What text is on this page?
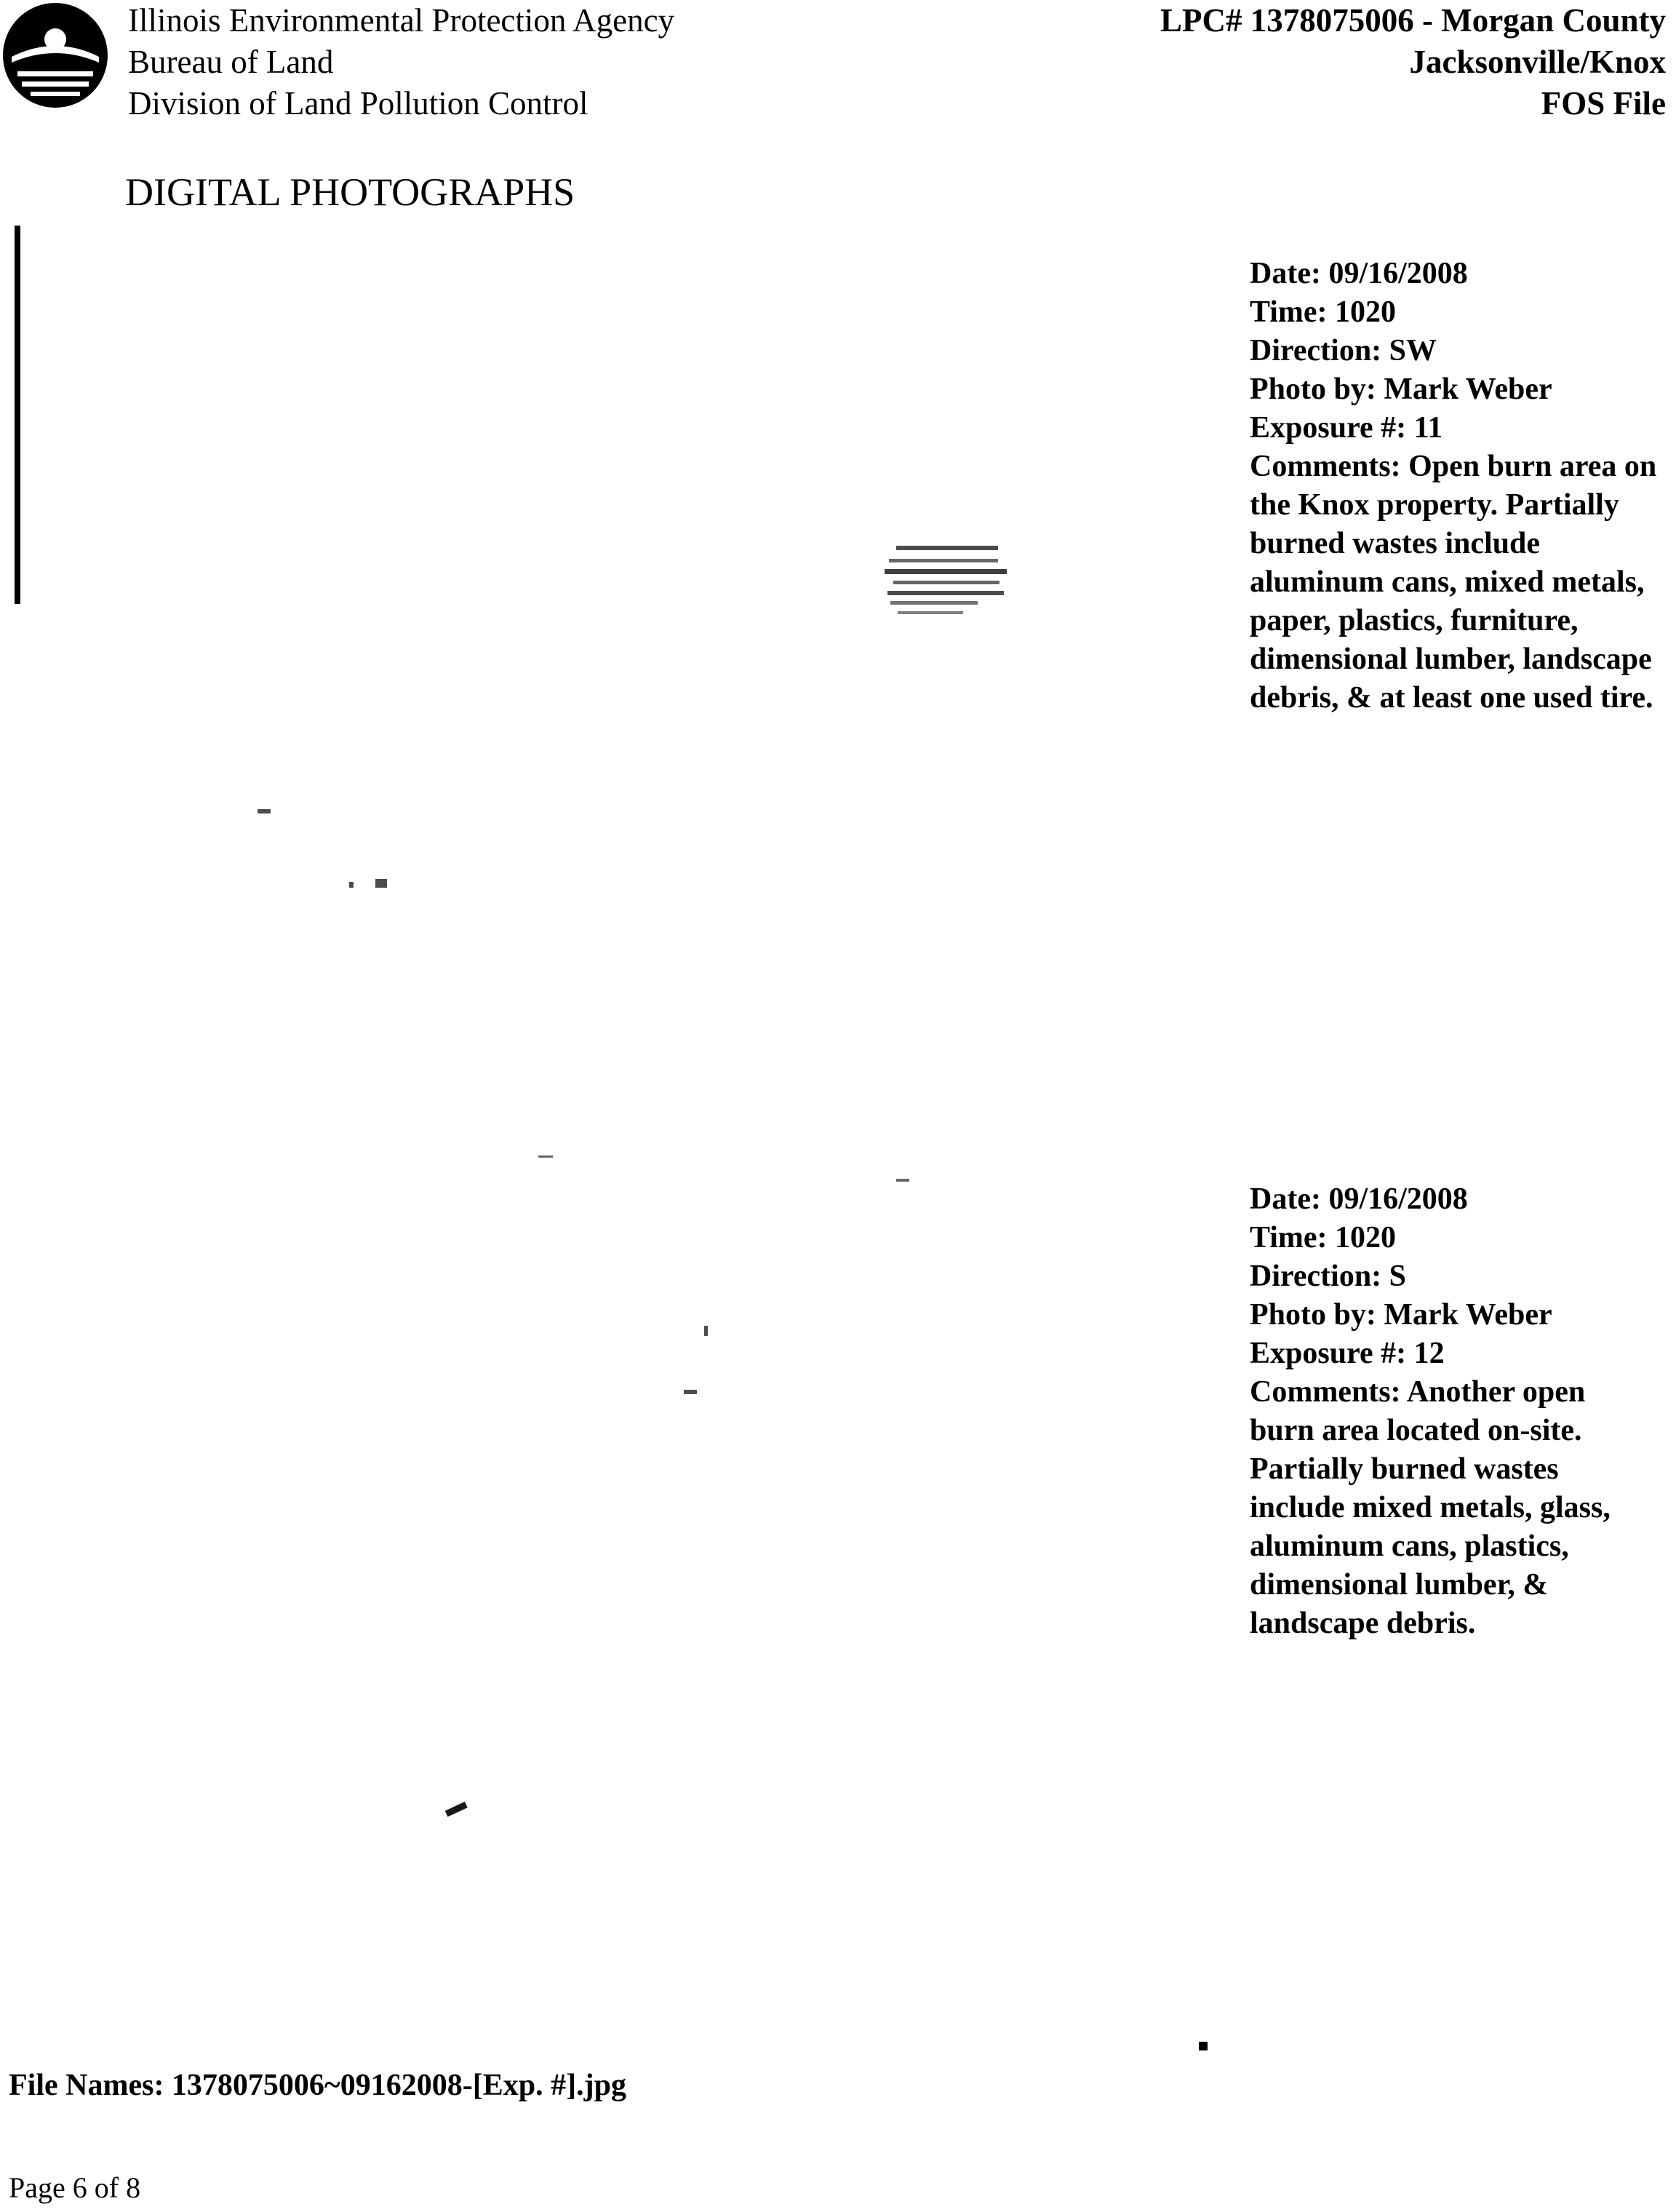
Illinois Environmental Protection Agency
Bureau of Land
Division of Land Pollution Control
LPC# 1378075006 - Morgan County
Jacksonville/Knox
FOS File
DIGITAL PHOTOGRAPHS
Date: 09/16/2008
Time: 1020
Direction: SW
Photo by: Mark Weber
Exposure #: 11
Comments: Open burn area on the Knox property. Partially burned wastes include aluminum cans, mixed metals, paper, plastics, furniture, dimensional lumber, landscape debris, & at least one used tire.
Date: 09/16/2008
Time: 1020
Direction: S
Photo by: Mark Weber
Exposure #: 12
Comments: Another open burn area located on-site. Partially burned wastes include mixed metals, glass, aluminum cans, plastics, dimensional lumber, & landscape debris.
File Names: 1378075006~09162008-[Exp. #].jpg
Page 6 of 8
